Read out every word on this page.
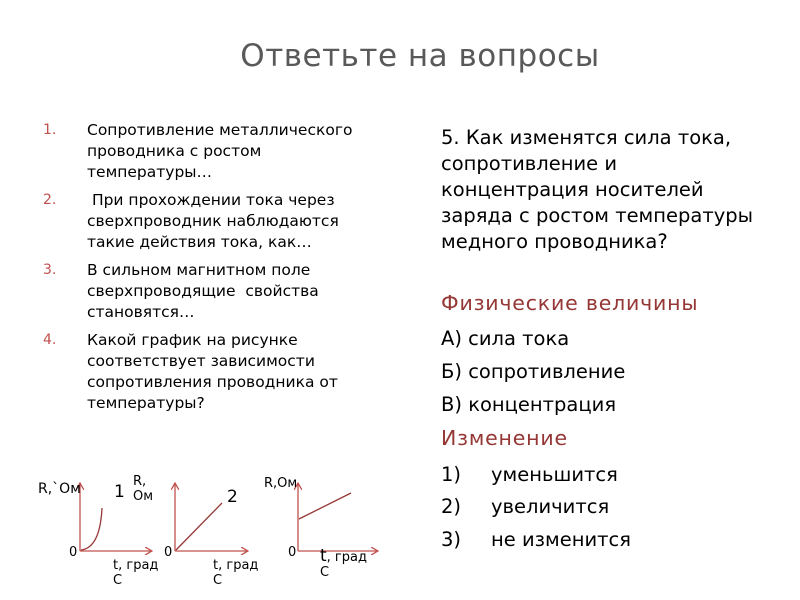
Ответьте на вопросы
1. Сопротивление металлического проводника с ростом температуры…
2. При прохождении тока через сверхпроводник наблюдаются такие действия тока, как…
3. В сильном магнитном поле сверхпроводящие  свойства становятся…
4. Какой график на рисунке соответствует зависимости сопротивления проводника от температуры?
5. Как изменятся сила тока, сопротивление и концентрация носителей заряда с ростом температуры медного проводника?
Физические величины
А) сила тока
Б) сопротивление
В) концентрация
Изменение
1) уменьшится
2) увеличится
3) не изменится
R,`Ом 1
0
t, град
С
R,
Ом	2
0
t, град
С
R,Ом
0 t, град
С
